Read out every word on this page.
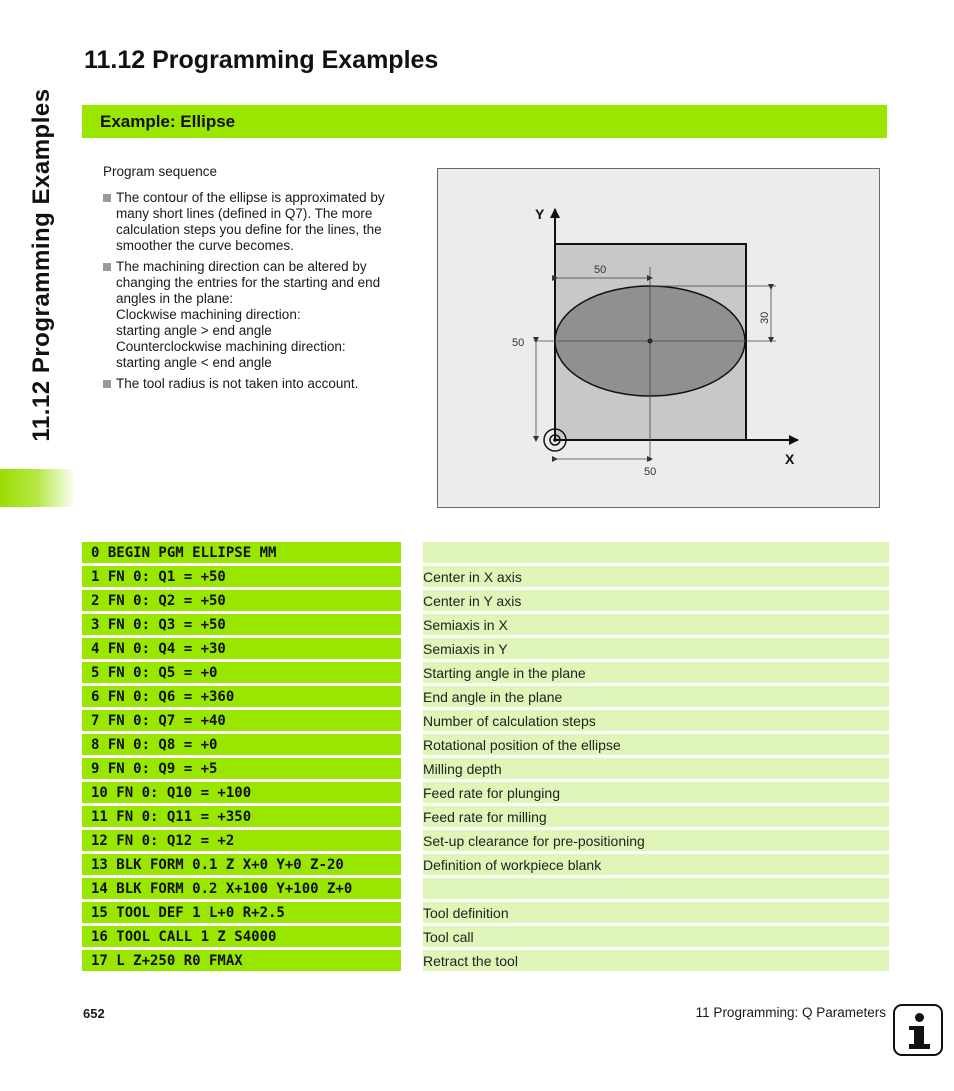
11.12 Programming Examples
11.12 Programming Examples
Example: Ellipse

Program sequence

The contour of the ellipse is approximated by many short lines (defined in Q7). The more calculation steps you define for the lines, the smoother the curve becomes.
The machining direction can be altered by changing the entries for the starting and end angles in the plane:
Clockwise machining direction:
starting angle > end angle
Counterclockwise machining direction:
starting angle < end angle
The tool radius is not taken into account.
Y
X
50
50
30
50
0 BEGIN PGM ELLIPSE MM	
1 FN 0: Q1 = +50	Center in X axis
2 FN 0: Q2 = +50	Center in Y axis
3 FN 0: Q3 = +50	Semiaxis in X
4 FN 0: Q4 = +30	Semiaxis in Y
5 FN 0: Q5 = +0	Starting angle in the plane
6 FN 0: Q6 = +360	End angle in the plane
7 FN 0: Q7 = +40	Number of calculation steps
8 FN 0: Q8 = +0	Rotational position of the ellipse
9 FN 0: Q9 = +5	Milling depth
10 FN 0: Q10 = +100	Feed rate for plunging
11 FN 0: Q11 = +350	Feed rate for milling
12 FN 0: Q12 = +2	Set-up clearance for pre-positioning
13 BLK FORM 0.1 Z X+0 Y+0 Z-20	Definition of workpiece blank
14 BLK FORM 0.2 X+100 Y+100 Z+0	
15 TOOL DEF 1 L+0 R+2.5	Tool definition
16 TOOL CALL 1 Z S4000	Tool call
17 L Z+250 R0 FMAX	Retract the tool
652	11 Programming: Q Parameters
